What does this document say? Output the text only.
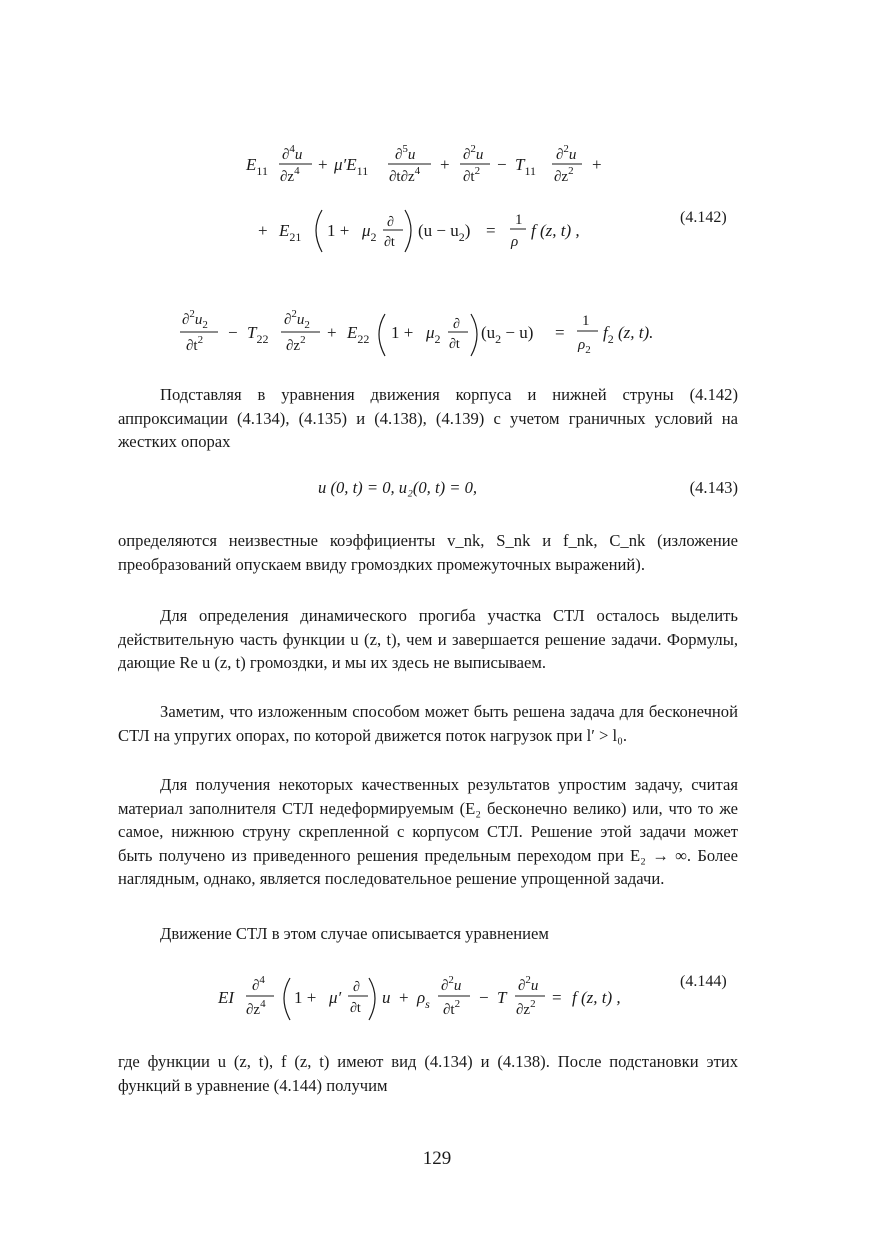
$E_{11}$
∂$^4$u
$\partial z^4 + \mu'E_{11}$
∂$^5$u
$\partial t\partial z^4 + \partial^2u$
$\partial t^2 - T_{11}$
∂$^2$u
$\partial z^2$ +
+ $E_{21}$ $1 + \mu_2$
∂
∂t
$(u - u_2)$ =
1
ρ
f (z, t) ,
(4.142)
$\partial^2u_2$
$\partial t^2 - T_{22}$
$\partial^2u_2$
$\partial z^2 + E_{22}$ $1 + \mu_2$
∂
∂t
$(u_2 - u)$ =
1
$\rho_2$
$f_2$ (z, t).
EI
∂$^4$
$\partial z^4$ 1 + μ′
∂
∂t
$u + \rho_s$
∂$^2$u
$\partial t^2 - T$
∂$^2$u
$\partial z^2 = f$ (z, t) ,
(4.144)

Подставляя в уравнения движения корпуса и нижней струны (4.142) аппроксимации (4.134), (4.135) и (4.138), (4.139) с учетом граничных условий на жестких опорах

u (0, t) = 0, u₂(0, t) = 0,	(4.143)

определяются неизвестные коэффициенты v_nk, S_nk и f_nk, C_nk (изложение преобразований опускаем ввиду громоздких промежуточных выражений).

Для определения динамического прогиба участка СТЛ осталось выделить действительную часть функции u (z, t), чем и завершается решение задачи. Формулы, дающие Re u (z, t) громоздки, и мы их здесь не выписываем.

Заметим, что изложенным способом может быть решена задача для бесконечной СТЛ на упругих опорах, по которой движется поток нагрузок при l′ > l₀.

Для получения некоторых качественных результатов упростим задачу, считая материал заполнителя СТЛ недеформируемым (E₂ бесконечно велико) или, что то же самое, нижнюю струну скрепленной с корпусом СТЛ. Решение этой задачи может быть получено из приведенного решения предельным переходом при E₂ → ∞. Более наглядным, однако, является последовательное решение упрощенной задачи.

Движение СТЛ в этом случае описывается уравнением

где функции u (z, t), f (z, t) имеют вид (4.134) и (4.138). После подстановки этих функций в уравнение (4.144) получим

129
